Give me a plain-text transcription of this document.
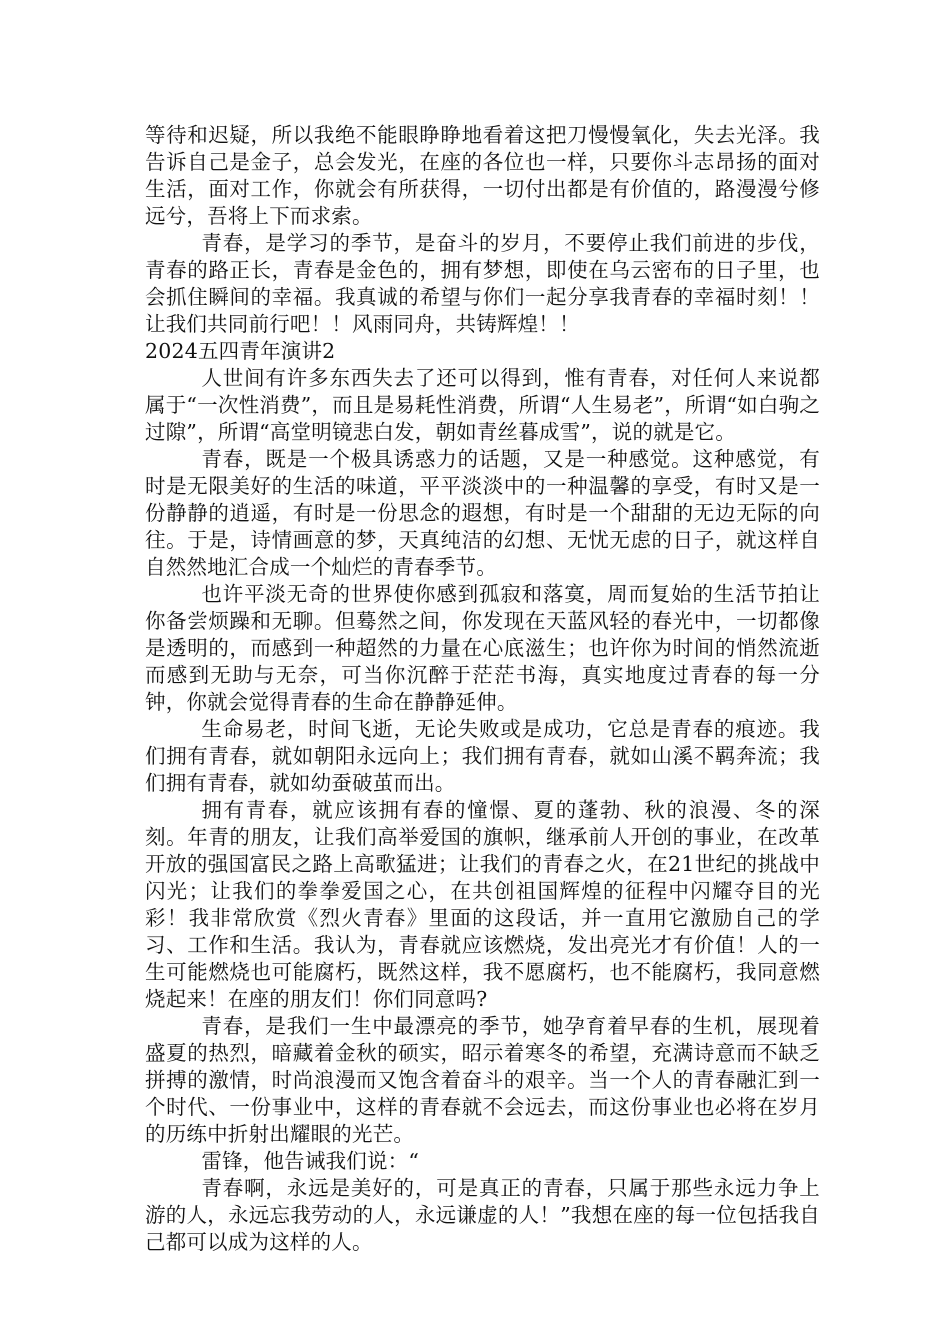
等待和迟疑，所以我绝不能眼睁睁地看着这把刀慢慢氧化，失去光泽。我告诉自己是金子，总会发光，在座的各位也一样，只要你斗志昂扬的面对生活，面对工作，你就会有所获得，一切付出都是有价值的，路漫漫兮修远兮，吾将上下而求索。

青春，是学习的季节，是奋斗的岁月，不要停止我们前进的步伐，青春的路正长，青春是金色的，拥有梦想，即使在乌云密布的日子里，也会抓住瞬间的幸福。我真诚的希望与你们一起分享我青春的幸福时刻！！让我们共同前行吧！！风雨同舟，共铸辉煌！！

2024五四青年演讲2

人世间有许多东西失去了还可以得到，惟有青春，对任何人来说都属于“一次性消费”，而且是易耗性消费，所谓“人生易老”，所谓“如白驹之过隙”，所谓“高堂明镜悲白发，朝如青丝暮成雪”，说的就是它。

青春，既是一个极具诱惑力的话题，又是一种感觉。这种感觉，有时是无限美好的生活的味道，平平淡淡中的一种温馨的享受，有时又是一份静静的逍遥，有时是一份思念的遐想，有时是一个甜甜的无边无际的向往。于是，诗情画意的梦，天真纯洁的幻想、无忧无虑的日子，就这样自自然然地汇合成一个灿烂的青春季节。

也许平淡无奇的世界使你感到孤寂和落寞，周而复始的生活节拍让你备尝烦躁和无聊。但蓦然之间，你发现在天蓝风轻的春光中，一切都像是透明的，而感到一种超然的力量在心底滋生；也许你为时间的悄然流逝而感到无助与无奈，可当你沉醉于茫茫书海，真实地度过青春的每一分钟，你就会觉得青春的生命在静静延伸。

生命易老，时间飞逝，无论失败或是成功，它总是青春的痕迹。我们拥有青春，就如朝阳永远向上；我们拥有青春，就如山溪不羁奔流；我们拥有青春，就如幼蚕破茧而出。

拥有青春，就应该拥有春的憧憬、夏的蓬勃、秋的浪漫、冬的深刻。年青的朋友，让我们高举爱国的旗帜，继承前人开创的事业，在改革开放的强国富民之路上高歌猛进；让我们的青春之火，在21世纪的挑战中闪光；让我们的拳拳爱国之心，在共创祖国辉煌的征程中闪耀夺目的光彩！我非常欣赏《烈火青春》里面的这段话，并一直用它激励自己的学习、工作和生活。我认为，青春就应该燃烧，发出亮光才有价值！人的一生可能燃烧也可能腐朽，既然这样，我不愿腐朽，也不能腐朽，我同意燃烧起来！在座的朋友们！你们同意吗?

青春，是我们一生中最漂亮的季节，她孕育着早春的生机，展现着盛夏的热烈，暗藏着金秋的硕实，昭示着寒冬的希望，充满诗意而不缺乏拼搏的激情，时尚浪漫而又饱含着奋斗的艰辛。当一个人的青春融汇到一个时代、一份事业中，这样的青春就不会远去，而这份事业也必将在岁月的历练中折射出耀眼的光芒。

雷锋，他告诫我们说：“

青春啊，永远是美好的，可是真正的青春，只属于那些永远力争上游的人，永远忘我劳动的人，永远谦虚的人！”我想在座的每一位包括我自己都可以成为这样的人。
